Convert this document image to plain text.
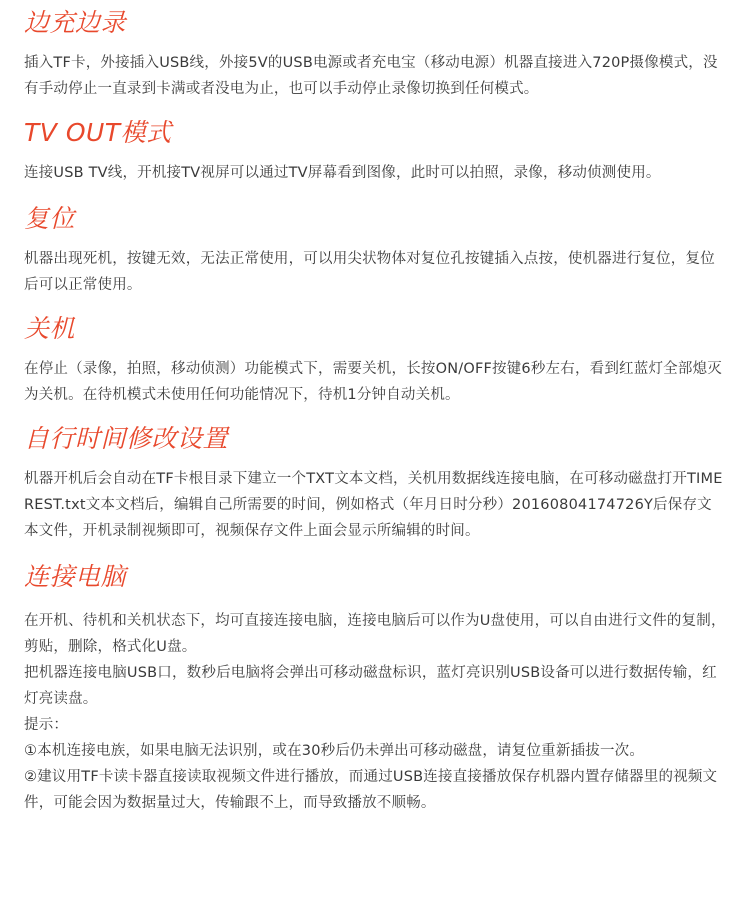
边充边录

插入TF卡，外接插入USB线，外接5V的USB电源或者充电宝（移动电源）机器直接进入720P摄像模式，没有手动停止一直录到卡满或者没电为止，也可以手动停止录像切换到任何模式。

TV OUT模式

连接USB TV线，开机接TV视屏可以通过TV屏幕看到图像，此时可以拍照，录像，移动侦测使用。

复位

机器出现死机，按键无效，无法正常使用，可以用尖状物体对复位孔按键插入点按，使机器进行复位，复位后可以正常使用。

关机

在停止（录像，拍照，移动侦测）功能模式下，需要关机，长按ON/OFF按键6秒左右，看到红蓝灯全部熄灭为关机。在待机模式未使用任何功能情况下，待机1分钟自动关机。

自行时间修改设置

机器开机后会自动在TF卡根目录下建立一个TXT文本文档，关机用数据线连接电脑，在可移动磁盘打开TIMEREST.txt文本文档后，编辑自己所需要的时间，例如格式（年月日时分秒）20160804174726Y后保存文本文件，开机录制视频即可，视频保存文件上面会显示所编辑的时间。

连接电脑

在开机、待机和关机状态下，均可直接连接电脑，连接电脑后可以作为U盘使用，可以自由进行文件的复制，剪贴，删除，格式化U盘。

把机器连接电脑USB口，数秒后电脑将会弹出可移动磁盘标识，蓝灯亮识别USB设备可以进行数据传输，红灯亮读盘。

提示：

①本机连接电族，如果电脑无法识别，或在30秒后仍未弹出可移动磁盘，请复位重新插拔一次。

②建议用TF卡读卡器直接读取视频文件进行播放，而通过USB连接直接播放保存机器内置存储器里的视频文件，可能会因为数据量过大，传输跟不上，而导致播放不顺畅。
